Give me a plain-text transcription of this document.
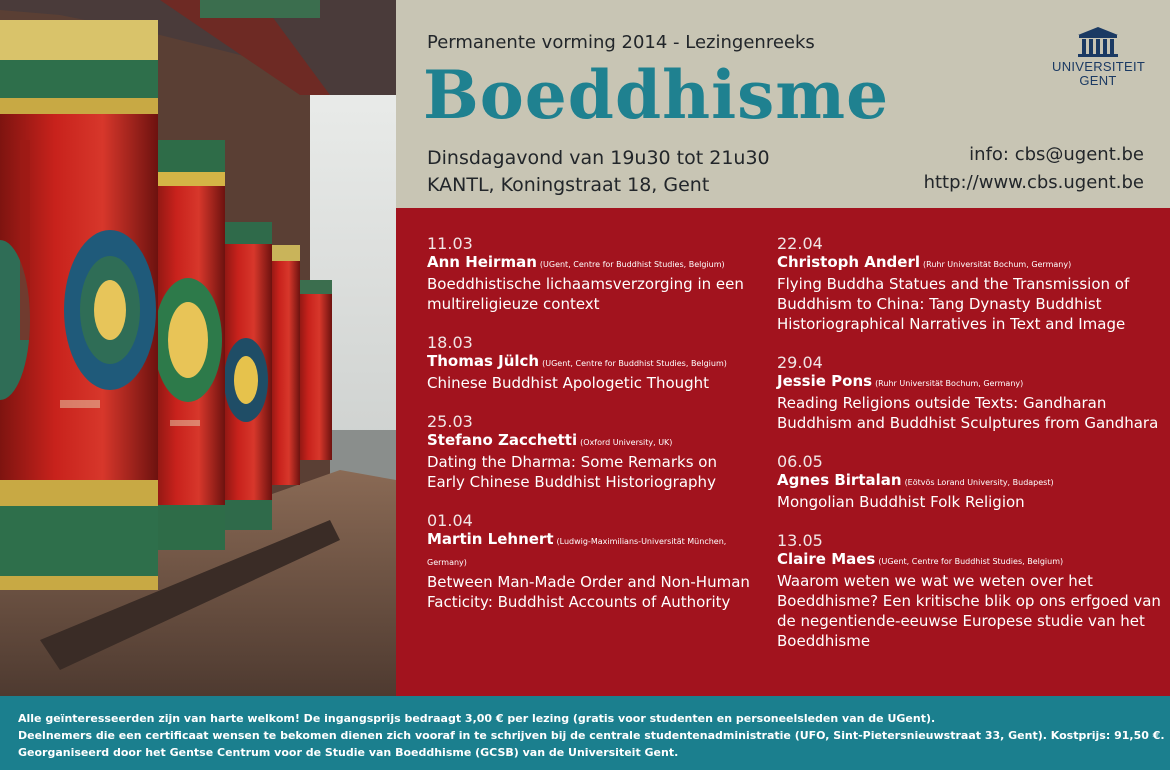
Permanente vorming 2014 - Lezingenreeks
Boeddhisme
Dinsdagavond van 19u30 tot 21u30
KANTL, Koningstraat 18, Gent
info: cbs@ugent.be
http://www.cbs.ugent.be
UNIVERSITEIT
GENT
11.03
Ann Heirman (UGent, Centre for Buddhist Studies, Belgium)
Boeddhistische lichaamsverzorging in een multireligieuze context
18.03
Thomas Jülch (UGent, Centre for Buddhist Studies, Belgium)
Chinese Buddhist Apologetic Thought
25.03
Stefano Zacchetti (Oxford University, UK)
Dating the Dharma: Some Remarks on Early Chinese Buddhist Historiography
01.04
Martin Lehnert (Ludwig-Maximilians-Universität München, Germany)
Between Man-Made Order and Non-Human Facticity: Buddhist Accounts of Authority
22.04
Christoph Anderl (Ruhr Universität Bochum, Germany)
Flying Buddha Statues and the Transmission of Buddhism to China: Tang Dynasty Buddhist Historiographical Narratives in Text and Image
29.04
Jessie Pons (Ruhr Universität Bochum, Germany)
Reading Religions outside Texts: Gandharan Buddhism and Buddhist Sculptures from Gandhara
06.05
Agnes Birtalan (Eötvös Lorand University, Budapest)
Mongolian Buddhist Folk Religion
13.05
Claire Maes (UGent, Centre for Buddhist Studies, Belgium)
Waarom weten we wat we weten over het Boeddhisme? Een kritische blik op ons erfgoed van de negentiende-eeuwse Europese studie van het Boeddhisme

Alle geïnteresseerden zijn van harte welkom! De ingangsprijs bedraagt 3,00 € per lezing (gratis voor studenten en personeelsleden van de UGent).

Deelnemers die een certificaat wensen te bekomen dienen zich vooraf in te schrijven bij de centrale studentenadministratie (UFO, Sint-Pietersnieuwstraat 33, Gent). Kostprijs: 91,50 €.

Georganiseerd door het Gentse Centrum voor de Studie van Boeddhisme (GCSB) van de Universiteit Gent.
